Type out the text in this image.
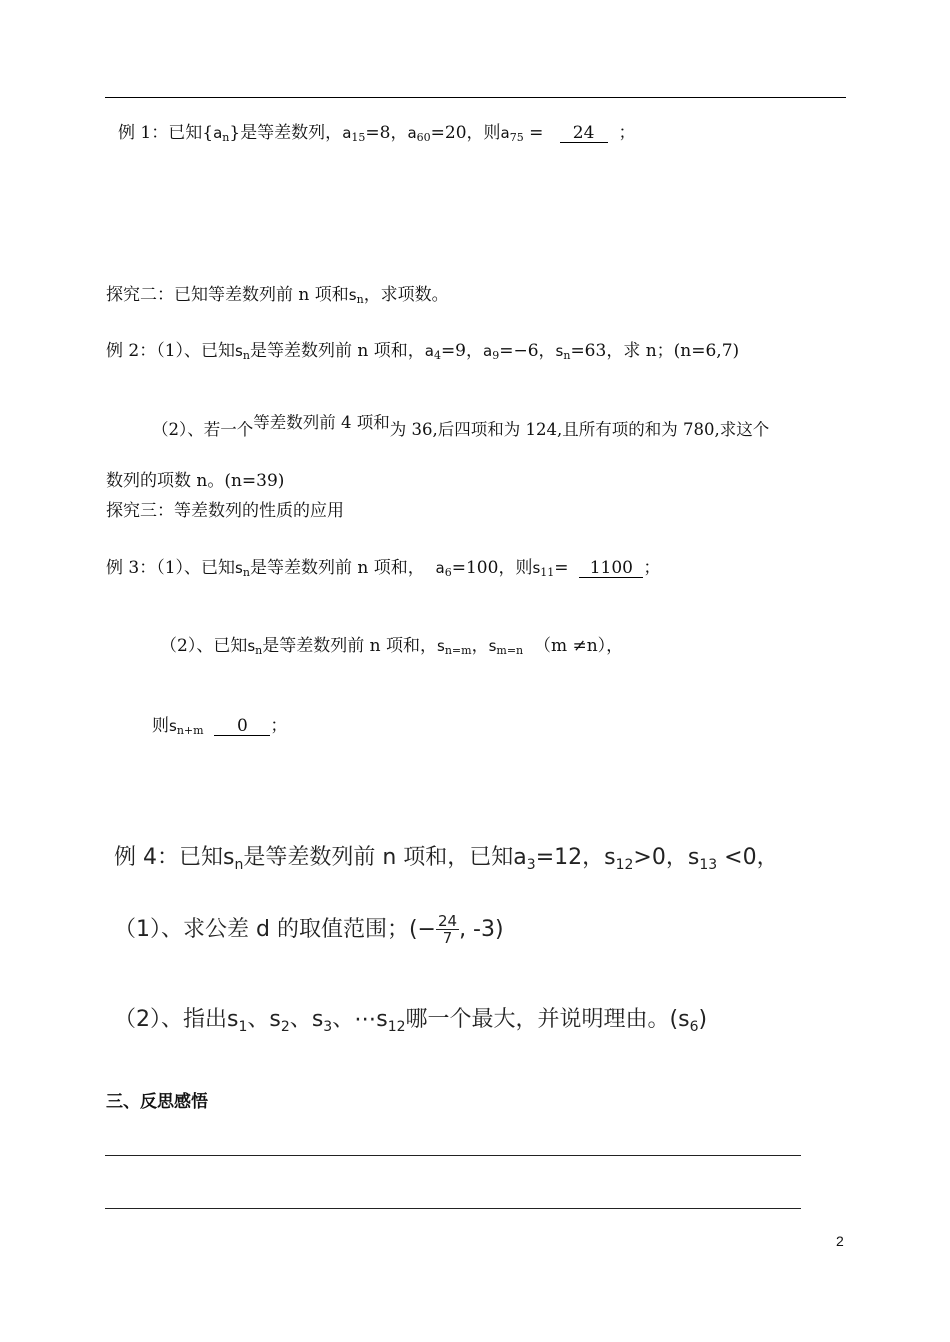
例 1：已知$\{a_n\}$是等差数列，$a_{15}=8$，$a_{60}=20$，则$a_{75} = 24$ ；
探究二：已知等差数列前 n 项和$s_n$，求项数。
例 2：（1）、已知$s_n$是等差数列前 n 项和，$a_4=9$，$a_9=-6$，$s_n=63$，求 n；(n=6,7)
（2）、若一个等差数列前 4 项和为 36,后四项和为 124,且所有项的和为 780,求这个
数列的项数 n。(n=39)
探究三：等差数列的性质的应用
例 3：（1）、已知$s_n$是等差数列前 n 项和， $a_6=100$，则$s_{11}= 1100$ ；
（2）、已知$s_n$是等差数列前 n 项和，$s_{n=m}$，$s_{m=n}$ （m ≠n），
则$s_{n+m}$ 0 ；
例 4：已知$s_n$是等差数列前 n 项和，已知$a_3=12$，$s_{12}>0$，$s_{13} <0$，
（1）、求公差 d 的取值范围；(− $\frac{24}{7}$ , -3)
（2）、指出$s_1$、$s_2$、$s_3$、$\cdots s_{12}$哪一个最大，并说明理由。$(s_6)$
三、反思感悟
2
